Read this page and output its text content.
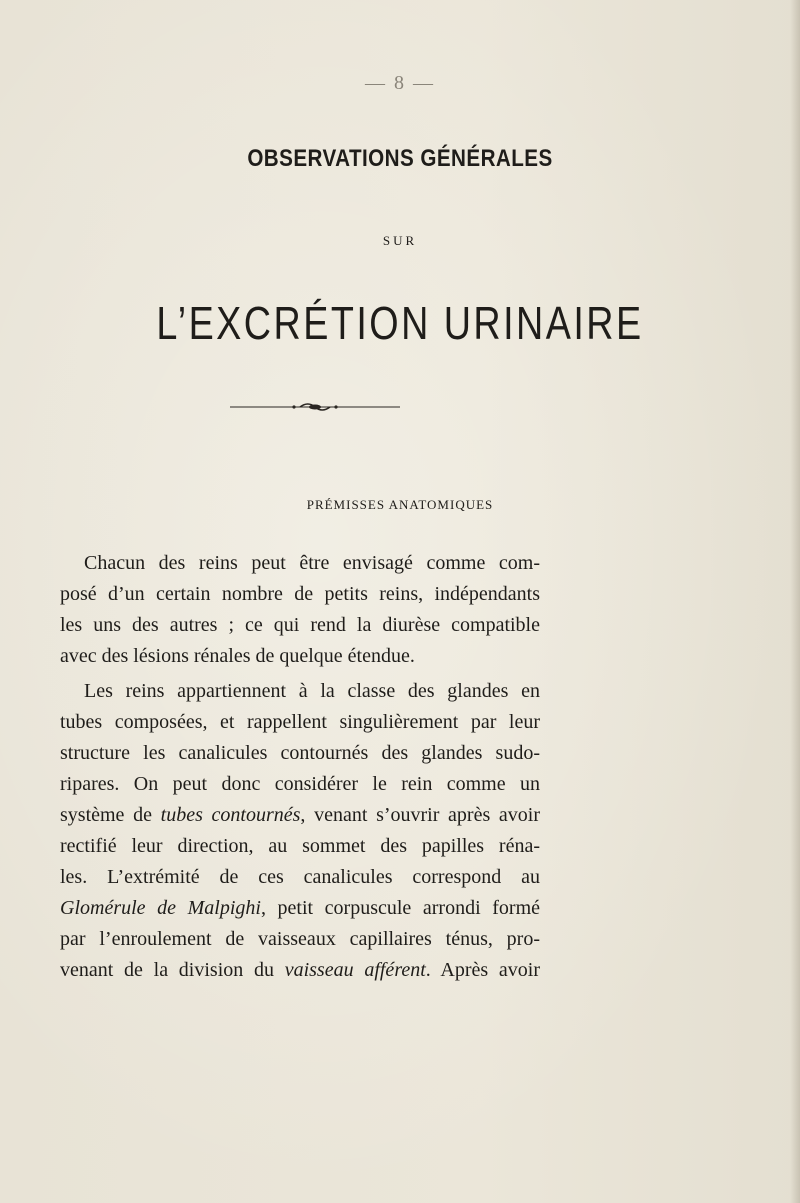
— 8 —
OBSERVATIONS GÉNÉRALES
SUR
L’EXCRÉTION URINAIRE
PRÉMISSES ANATOMIQUES
Chacun des reins peut être envisagé comme com-
posé d’un certain nombre de petits reins, indépendants
les uns des autres ; ce qui rend la diurèse compatible
avec des lésions rénales de quelque étendue.
Les reins appartiennent à la classe des glandes en
tubes composées, et rappellent singulièrement par leur
structure les canalicules contournés des glandes sudo-
ripares. On peut donc considérer le rein comme un
système de tubes contournés, venant s’ouvrir après avoir
rectifié leur direction, au sommet des papilles réna-
les. L’extrémité de ces canalicules correspond au
Glomérule de Malpighi, petit corpuscule arrondi formé
par l’enroulement de vaisseaux capillaires ténus, pro-
venant de la division du vaisseau afférent. Après avoir
